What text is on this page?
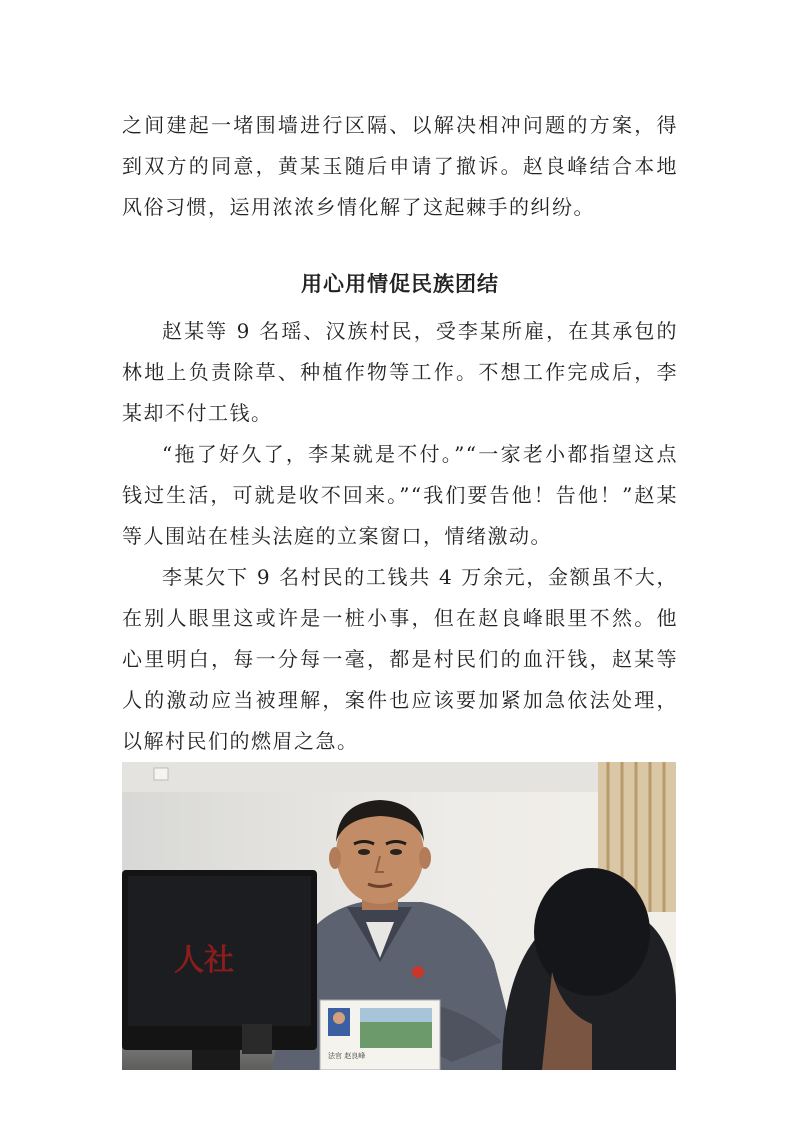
之间建起一堵围墙进行区隔、以解决相冲问题的方案，得到双方的同意，黄某玉随后申请了撤诉。赵良峰结合本地风俗习惯，运用浓浓乡情化解了这起棘手的纠纷。

用心用情促民族团结

赵某等 9 名瑶、汉族村民，受李某所雇，在其承包的林地上负责除草、种植作物等工作。不想工作完成后，李某却不付工钱。

“拖了好久了，李某就是不付。”“一家老小都指望这点钱过生活，可就是收不回来。”“我们要告他！告他！”赵某等人围站在桂头法庭的立案窗口，情绪激动。

李某欠下 9 名村民的工钱共 4 万余元，金额虽不大，在别人眼里这或许是一桩小事，但在赵良峰眼里不然。他心里明白，每一分每一毫，都是村民们的血汗钱，赵某等人的激动应当被理解，案件也应该要加紧加急依法处理，以解村民们的燃眉之急。

人社
法官 赵良峰
